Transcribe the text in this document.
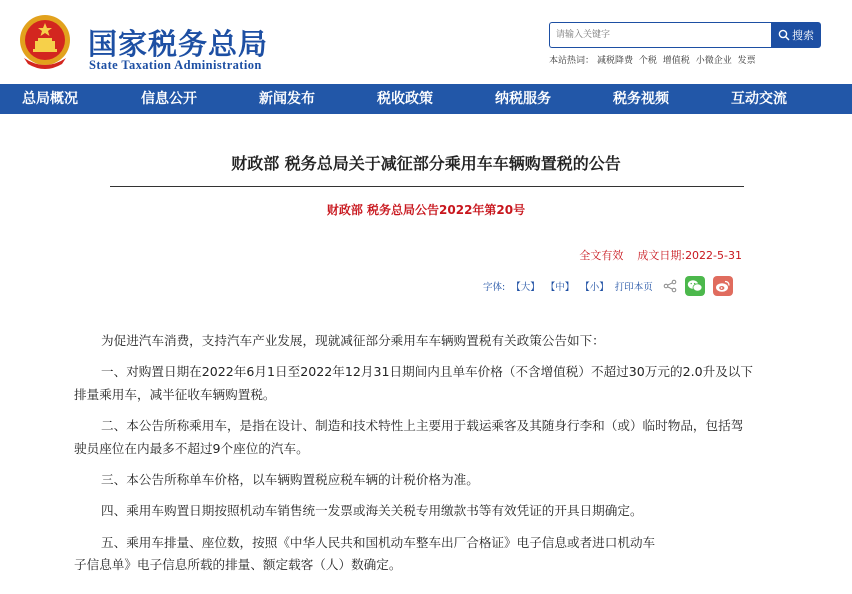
国家税务总局
State Taxation Administration
请输入关键字
搜索
本站热词： 减税降费 个税 增值税 小微企业 发票
总局概况	信息公开	新闻发布	税收政策	纳税服务	税务视频	互动交流
财政部 税务总局关于减征部分乘用车车辆购置税的公告
财政部 税务总局公告2022年第20号
全文有效 成文日期:2022-5-31
字体: 【大】 【中】 【小】 打印本页

为促进汽车消费，支持汽车产业发展，现就减征部分乘用车车辆购置税有关政策公告如下：

一、对购置日期在2022年6月1日至2022年12月31日期间内且单车价格（不含增值税）不超过30万元的2.0升及以下排量乘用车，减半征收车辆购置税。

二、本公告所称乘用车，是指在设计、制造和技术特性上主要用于载运乘客及其随身行李和（或）临时物品，包括驾驶员座位在内最多不超过9个座位的汽车。

三、本公告所称单车价格，以车辆购置税应税车辆的计税价格为准。

四、乘用车购置日期按照机动车销售统一发票或海关关税专用缴款书等有效凭证的开具日期确定。

五、乘用车排量、座位数，按照《中华人民共和国机动车整车出厂合格证》电子信息或者进口机动车

子信息单》电子信息所载的排量、额定载客（人）数确定。
